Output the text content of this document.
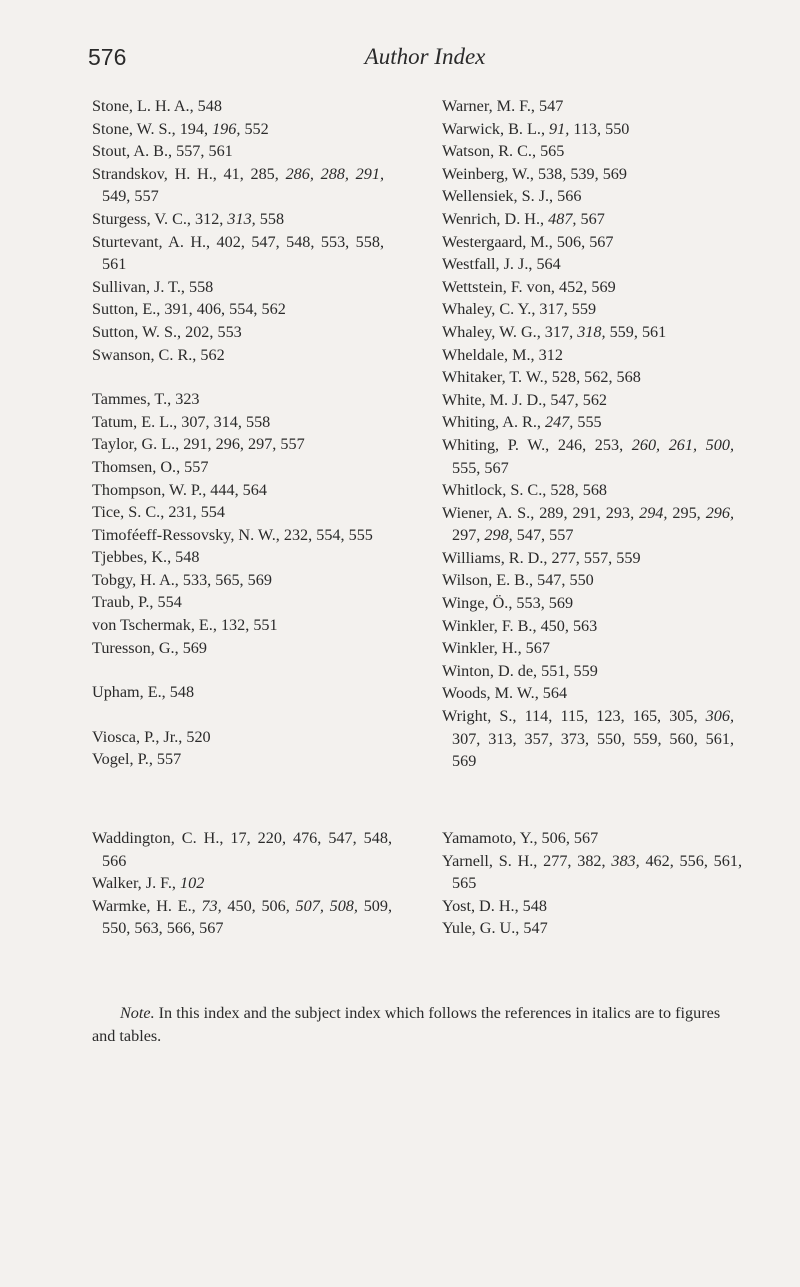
576	Author Index
Stone, L. H. A., 548
Stone, W. S., 194, 196, 552
Stout, A. B., 557, 561
Strandskov, H. H., 41, 285, 286, 288, 291, 549, 557
Sturgess, V. C., 312, 313, 558
Sturtevant, A. H., 402, 547, 548, 553, 558, 561
Sullivan, J. T., 558
Sutton, E., 391, 406, 554, 562
Sutton, W. S., 202, 553
Swanson, C. R., 562
Tammes, T., 323
Tatum, E. L., 307, 314, 558
Taylor, G. L., 291, 296, 297, 557
Thomsen, O., 557
Thompson, W. P., 444, 564
Tice, S. C., 231, 554
Timoféeff-Ressovsky, N. W., 232, 554, 555
Tjebbes, K., 548
Tobgy, H. A., 533, 565, 569
Traub, P., 554
von Tschermak, E., 132, 551
Turesson, G., 569
Upham, E., 548
Viosca, P., Jr., 520
Vogel, P., 557
Warner, M. F., 547
Warwick, B. L., 91, 113, 550
Watson, R. C., 565
Weinberg, W., 538, 539, 569
Wellensiek, S. J., 566
Wenrich, D. H., 487, 567
Westergaard, M., 506, 567
Westfall, J. J., 564
Wettstein, F. von, 452, 569
Whaley, C. Y., 317, 559
Whaley, W. G., 317, 318, 559, 561
Wheldale, M., 312
Whitaker, T. W., 528, 562, 568
White, M. J. D., 547, 562
Whiting, A. R., 247, 555
Whiting, P. W., 246, 253, 260, 261, 500, 555, 567
Whitlock, S. C., 528, 568
Wiener, A. S., 289, 291, 293, 294, 295, 296, 297, 298, 547, 557
Williams, R. D., 277, 557, 559
Wilson, E. B., 547, 550
Winge, Ö., 553, 569
Winkler, F. B., 450, 563
Winkler, H., 567
Winton, D. de, 551, 559
Woods, M. W., 564
Wright, S., 114, 115, 123, 165, 305, 306, 307, 313, 357, 373, 550, 559, 560, 561, 569
Waddington, C. H., 17, 220, 476, 547, 548, 566
Walker, J. F., 102
Warmke, H. E., 73, 450, 506, 507, 508, 509, 550, 563, 566, 567
Yamamoto, Y., 506, 567
Yarnell, S. H., 277, 382, 383, 462, 556, 561, 565
Yost, D. H., 548
Yule, G. U., 547
Note. In this index and the subject index which follows the references in italics are to figures and tables.
